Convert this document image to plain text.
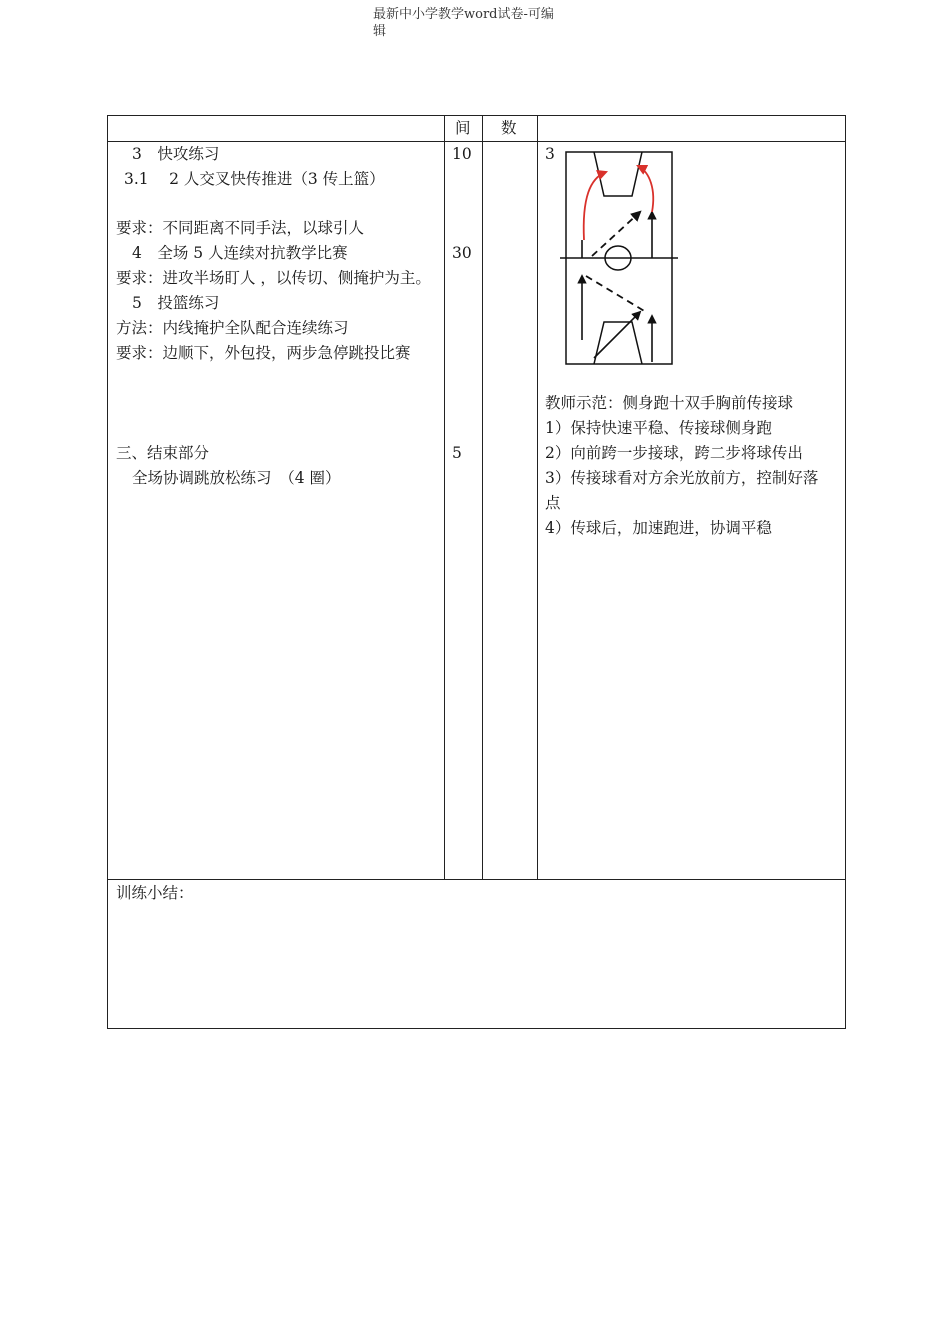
最新中小学教学word试卷-可编
辑
间 数
3　快攻练习
3.1　 2 人交叉快传推进（3 传上篮）
要求：不同距离不同手法，以球引人
4　全场 5 人连续对抗教学比赛
要求：进攻半场盯人 ，以传切、侧掩护为主。
5　投篮练习
方法：内线掩护全队配合连续练习
要求：边顺下，外包投，两步急停跳投比赛
三、结束部分
全场协调跳放松练习　（4 圈）
10
30
5
3
教师示范：侧身跑十双手胸前传接球
1）保持快速平稳、传接球侧身跑
2）向前跨一步接球，跨二步将球传出
3）传接球看对方余光放前方，控制好落
点
4）传球后，加速跑进，协调平稳
训练小结：
